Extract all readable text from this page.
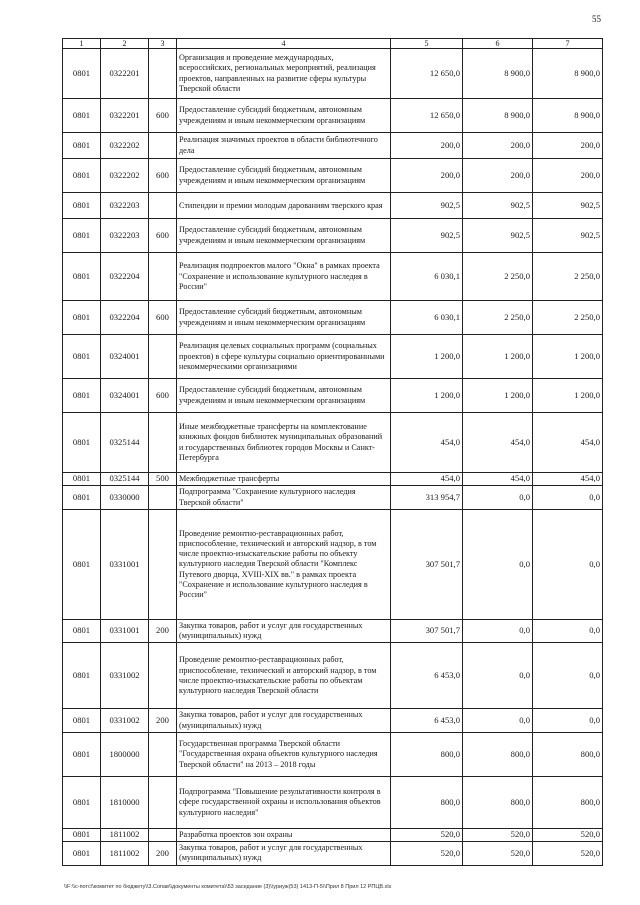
55
1	2	3	4	5	6	7
0801	0322201		Организация и проведение международных, всероссийских, региональных мероприятий, реализация проектов, направленных на развитие сферы культуры Тверской области	12 650,0	8 900,0	8 900,0
0801	0322201	600	Предоставление субсидий бюджетным, автономным учреждениям и иным некоммерческим организациям	12 650,0	8 900,0	8 900,0
0801	0322202		Реализация значимых проектов в области библиотечного дела	200,0	200,0	200,0
0801	0322202	600	Предоставление субсидий бюджетным, автономным учреждениям и иным некоммерческим организациям	200,0	200,0	200,0
0801	0322203		Стипендии и премии молодым дарованиям тверского края	902,5	902,5	902,5
0801	0322203	600	Предоставление субсидий бюджетным, автономным учреждениям и иным некоммерческим организациям	902,5	902,5	902,5
0801	0322204		Реализация подпроектов малого "Окна" в рамках проекта "Сохранение и использование культурного наследия в России"	6 030,1	2 250,0	2 250,0
0801	0322204	600	Предоставление субсидий бюджетным, автономным учреждениям и иным некоммерческим организациям	6 030,1	2 250,0	2 250,0
0801	0324001		Реализация целевых социальных программ (социальных проектов) в сфере культуры социально ориентированными некоммерческими организациями	1 200,0	1 200,0	1 200,0
0801	0324001	600	Предоставление субсидий бюджетным, автономным учреждениям и иным некоммерческим организациям	1 200,0	1 200,0	1 200,0
0801	0325144		Иные межбюджетные трансферты на комплектование книжных фондов библиотек муниципальных образований и государственных библиотек городов Москвы и Санкт-Петербурга	454,0	454,0	454,0
0801	0325144	500	Межбюджетные трансферты	454,0	454,0	454,0
0801	0330000		Подпрограмма "Сохранение культурного наследия Тверской области"	313 954,7	0,0	0,0
0801	0331001		Проведение ремонтно-реставрационных работ, приспособление, технический и авторский надзор, в том числе проектно-изыскательские работы по объекту культурного наследия Тверской области "Комплекс Путевого дворца, XVIII-XIX вв." в рамках проекта "Сохранение и использование культурного наследия в России"	307 501,7	0,0	0,0
0801	0331001	200	Закупка товаров, работ и услуг для государственных (муниципальных) нужд	307 501,7	0,0	0,0
0801	0331002		Проведение ремонтно-реставрационных работ, приспособление, технический и авторский надзор, в том числе проектно-изыскательские работы по объектам культурного наследия Тверской области	6 453,0	0,0	0,0
0801	0331002	200	Закупка товаров, работ и услуг для государственных (муниципальных) нужд	6 453,0	0,0	0,0
0801	1800000		Государственная программа Тверской области "Государственная охрана объектов культурного наследия Тверской области" на 2013 – 2018 годы	800,0	800,0	800,0
0801	1810000		Подпрограмма "Повышение результативности контроля в сфере государственной охраны и использования объектов культурного наследия"	800,0	800,0	800,0
0801	1811002		Разработка проектов зон охраны	520,0	520,0	520,0
0801	1811002	200	Закупка товаров, работ и услуг для государственных (муниципальных) нужд	520,0	520,0	520,0
\\F:\\с-потс\\комитет по бюджету\\3.Сопав\\документы комитета\\53 заседание (3)\\уриуж(53) 1413-П-5\\Прил 8 Прил 12 РПЦВ.xls
